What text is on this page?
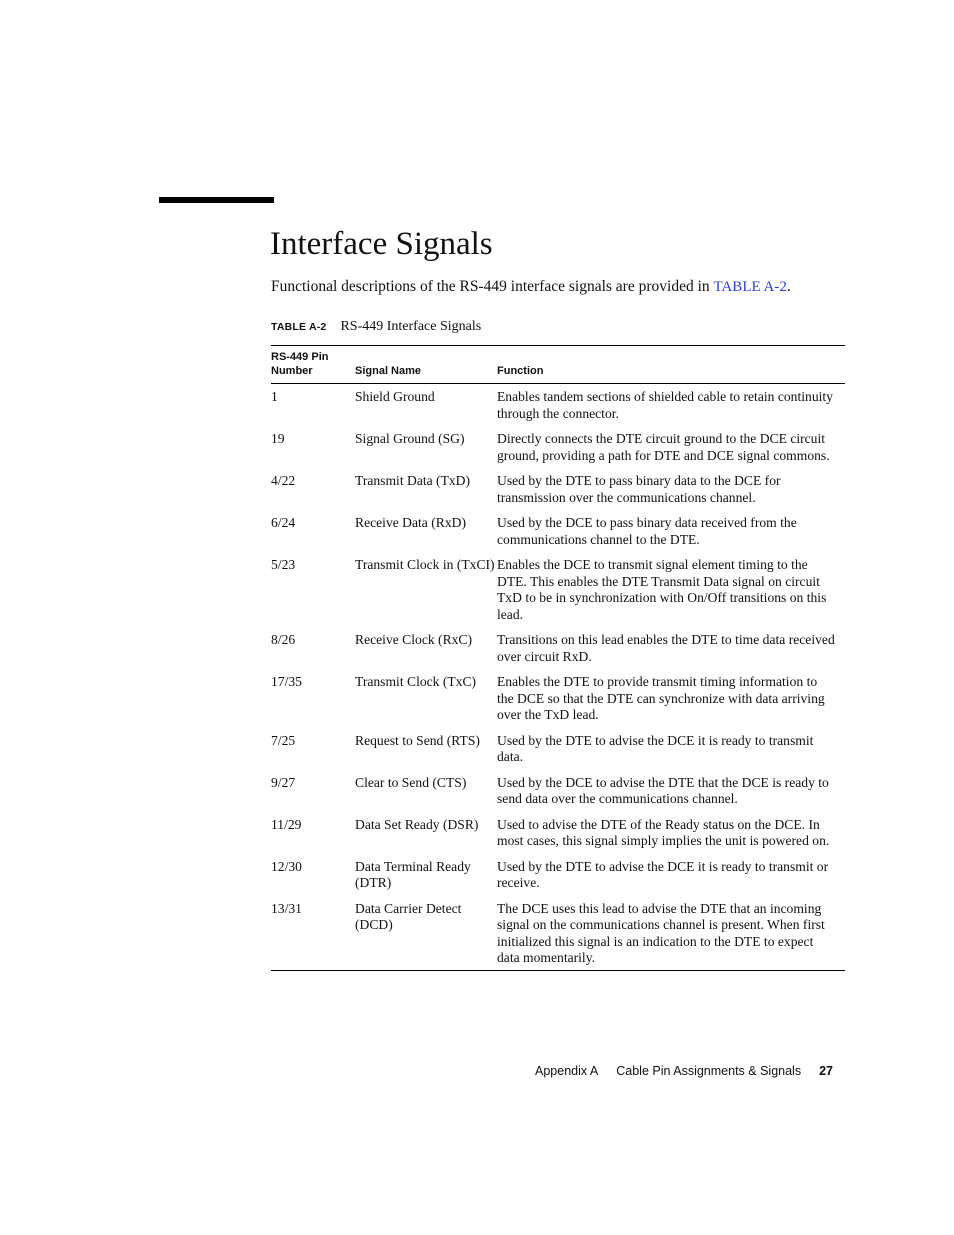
Interface Signals

Functional descriptions of the RS-449 interface signals are provided in TABLE A-2.

TABLE A-2 RS-449 Interface Signals
RS-449 Pin Number	Signal Name	Function
1	Shield Ground	Enables tandem sections of shielded cable to retain continuity through the connector.
19	Signal Ground (SG)	Directly connects the DTE circuit ground to the DCE circuit ground, providing a path for DTE and DCE signal commons.
4/22	Transmit Data (TxD)	Used by the DTE to pass binary data to the DCE for transmission over the communications channel.
6/24	Receive Data (RxD)	Used by the DCE to pass binary data received from the communications channel to the DTE.
5/23	Transmit Clock in (TxCI)	Enables the DCE to transmit signal element timing to the DTE. This enables the DTE Transmit Data signal on circuit TxD to be in synchronization with On/Off transitions on this lead.
8/26	Receive Clock (RxC)	Transitions on this lead enables the DTE to time data received over circuit RxD.
17/35	Transmit Clock (TxC)	Enables the DTE to provide transmit timing information to the DCE so that the DTE can synchronize with data arriving over the TxD lead.
7/25	Request to Send (RTS)	Used by the DTE to advise the DCE it is ready to transmit data.
9/27	Clear to Send (CTS)	Used by the DCE to advise the DTE that the DCE is ready to send data over the communications channel.
11/29	Data Set Ready (DSR)	Used to advise the DTE of the Ready status on the DCE. In most cases, this signal simply implies the unit is powered on.
12/30	Data Terminal Ready (DTR)	Used by the DTE to advise the DCE it is ready to transmit or receive.
13/31	Data Carrier Detect (DCD)	The DCE uses this lead to advise the DTE that an incoming signal on the communications channel is present. When first initialized this signal is an indication to the DTE to expect data momentarily.
Appendix A Cable Pin Assignments & Signals 27
